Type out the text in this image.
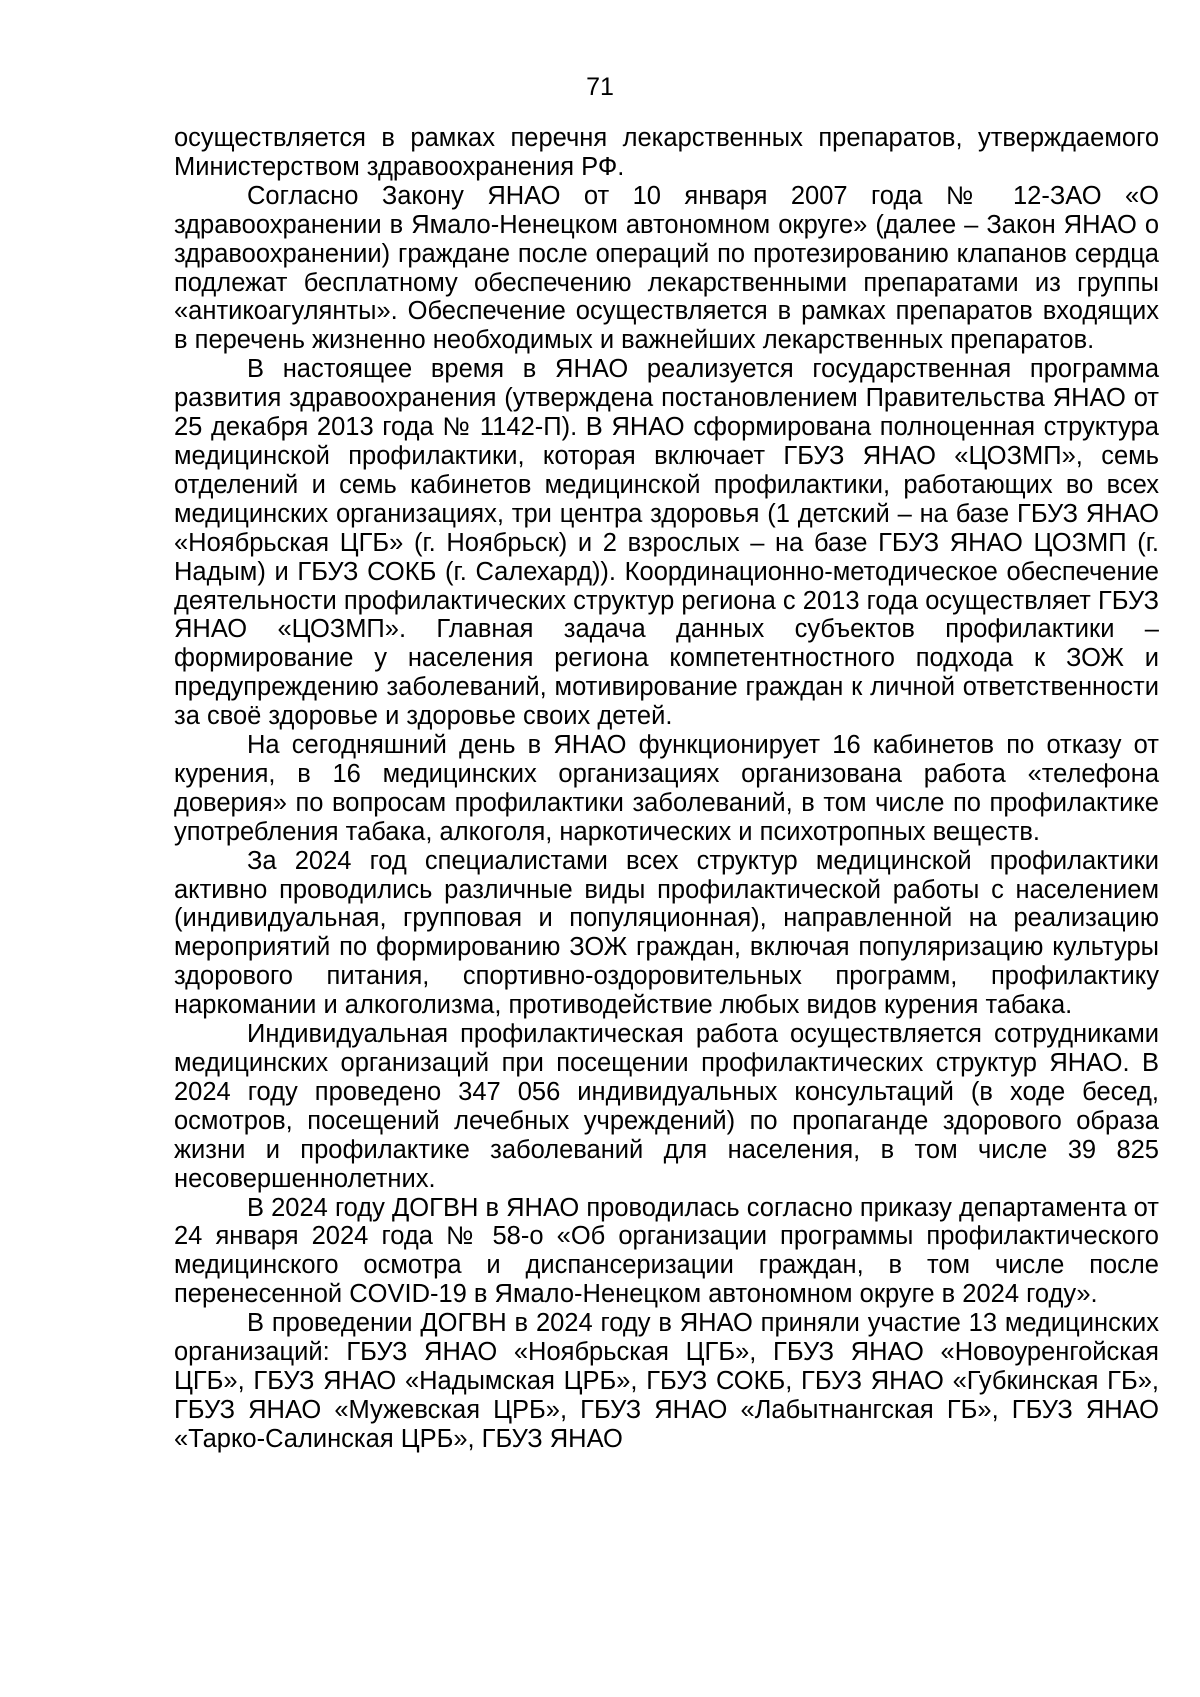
71

осуществляется в рамках перечня лекарственных препаратов, утверждаемого Министерством здравоохранения РФ.

Согласно Закону ЯНАО от 10 января 2007 года № 12-ЗАО «О здравоохранении в Ямало-Ненецком автономном округе» (далее – Закон ЯНАО о здравоохранении) граждане после операций по протезированию клапанов сердца подлежат бесплатному обеспечению лекарственными препаратами из группы «антикоагулянты». Обеспечение осуществляется в рамках препаратов входящих в перечень жизненно необходимых и важнейших лекарственных препаратов.

В настоящее время в ЯНАО реализуется государственная программа развития здравоохранения (утверждена постановлением Правительства ЯНАО от 25 декабря 2013 года № 1142-П). В ЯНАО сформирована полноценная структура медицинской профилактики, которая включает ГБУЗ ЯНАО «ЦОЗМП», семь отделений и семь кабинетов медицинской профилактики, работающих во всех медицинских организациях, три центра здоровья (1 детский – на базе ГБУЗ ЯНАО «Ноябрьская ЦГБ» (г. Ноябрьск) и 2 взрослых – на базе ГБУЗ ЯНАО ЦОЗМП (г. Надым) и ГБУЗ СОКБ (г. Салехард)). Координационно-методическое обеспечение деятельности профилактических структур региона с 2013 года осуществляет ГБУЗ ЯНАО «ЦОЗМП». Главная задача данных субъектов профилактики – формирование у населения региона компетентностного подхода к ЗОЖ и предупреждению заболеваний, мотивирование граждан к личной ответственности за своё здоровье и здоровье своих детей.

На сегодняшний день в ЯНАО функционирует 16 кабинетов по отказу от курения, в 16 медицинских организациях организована работа «телефона доверия» по вопросам профилактики заболеваний, в том числе по профилактике употребления табака, алкоголя, наркотических и психотропных веществ.

За 2024 год специалистами всех структур медицинской профилактики активно проводились различные виды профилактической работы с населением (индивидуальная, групповая и популяционная), направленной на реализацию мероприятий по формированию ЗОЖ граждан, включая популяризацию культуры здорового питания, спортивно-оздоровительных программ, профилактику наркомании и алкоголизма, противодействие любых видов курения табака.

Индивидуальная профилактическая работа осуществляется сотрудниками медицинских организаций при посещении профилактических структур ЯНАО. В 2024 году проведено 347 056 индивидуальных консультаций (в ходе бесед, осмотров, посещений лечебных учреждений) по пропаганде здорового образа жизни и профилактике заболеваний для населения, в том числе 39 825 несовершеннолетних.

В 2024 году ДОГВН в ЯНАО проводилась согласно приказу департамента от 24 января 2024 года № 58-о «Об организации программы профилактического медицинского осмотра и диспансеризации граждан, в том числе после перенесенной COVID-19 в Ямало-Ненецком автономном округе в 2024 году».

В проведении ДОГВН в 2024 году в ЯНАО приняли участие 13 медицинских организаций: ГБУЗ ЯНАО «Ноябрьская ЦГБ», ГБУЗ ЯНАО «Новоуренгойская ЦГБ», ГБУЗ ЯНАО «Надымская ЦРБ», ГБУЗ СОКБ, ГБУЗ ЯНАО «Губкинская ГБ», ГБУЗ ЯНАО «Мужевская ЦРБ», ГБУЗ ЯНАО «Лабытнангская ГБ», ГБУЗ ЯНАО «Тарко-Салинская ЦРБ», ГБУЗ ЯНАО
